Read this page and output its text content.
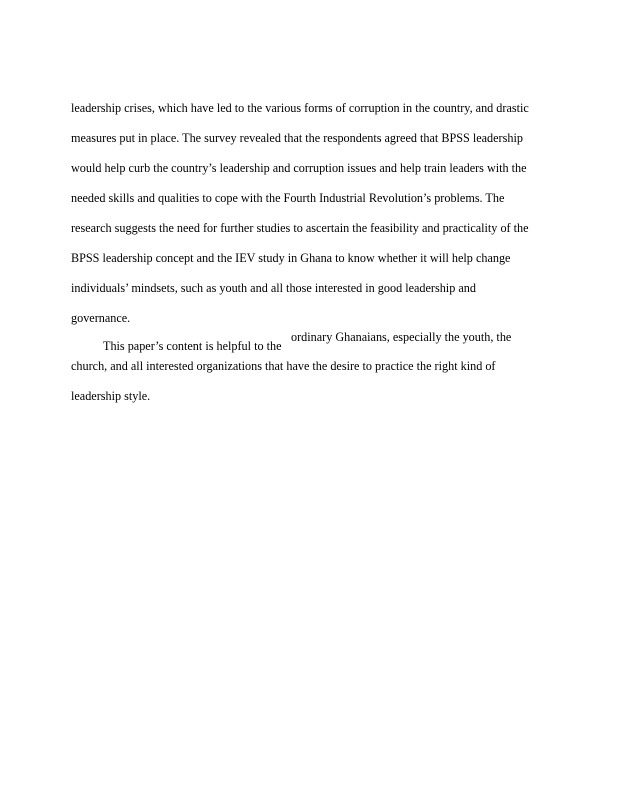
leadership crises, which have led to the various forms of corruption in the country, and drastic
measures put in place. The survey revealed that the respondents agreed that BPSS leadership
would help curb the country’s leadership and corruption issues and help train leaders with the
needed skills and qualities to cope with the Fourth Industrial Revolution’s problems. The
research suggests the need for further studies to ascertain the feasibility and practicality of the
BPSS leadership concept and the IEV study in Ghana to know whether it will help change
individuals’ mindsets, such as youth and all those interested in good leadership and
governance.
This paper’s content is helpful to the
ordinary Ghanaians, especially the youth, the
church, and all interested organizations that have the desire to practice the right kind of
leadership style.
